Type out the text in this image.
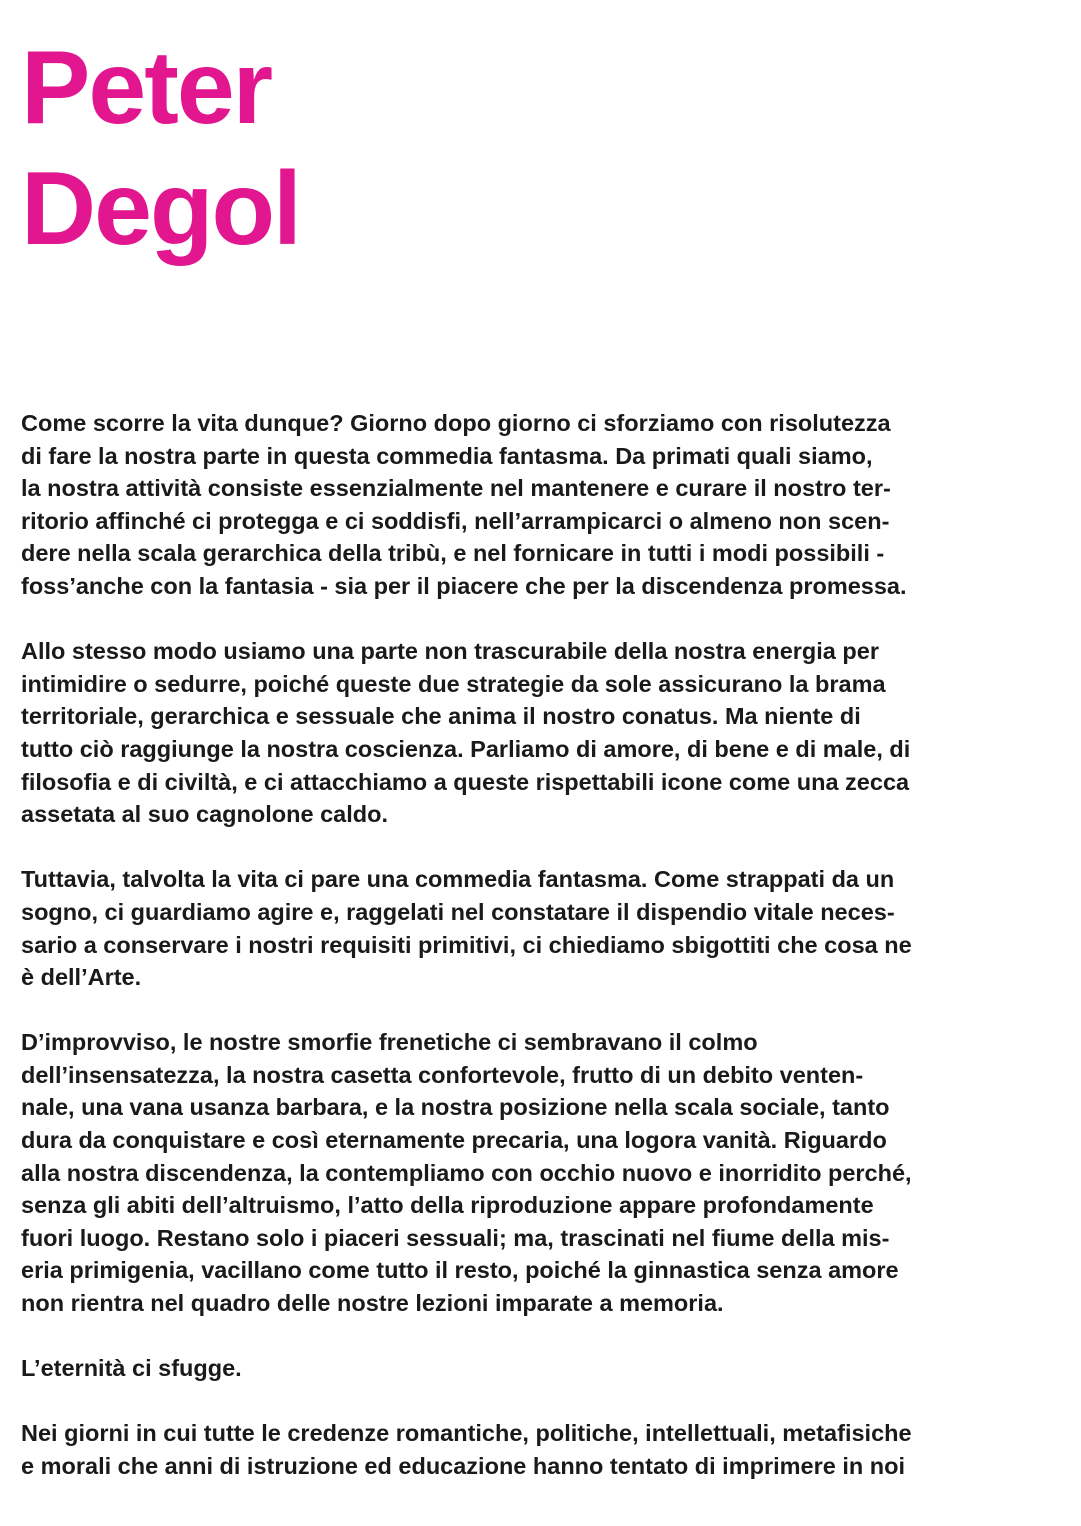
Peter
Degol

Come scorre la vita dunque? Giorno dopo giorno ci sforziamo con risolutezza
di fare la nostra parte in questa commedia fantasma. Da primati quali siamo,
la nostra attività consiste essenzialmente nel mantenere e curare il nostro ter-
ritorio affinché ci protegga e ci soddisfi, nell’arrampicarci o almeno non scen-
dere nella scala gerarchica della tribù, e nel fornicare in tutti i modi possibili -
foss’anche con la fantasia - sia per il piacere che per la discendenza promessa.

Allo stesso modo usiamo una parte non trascurabile della nostra energia per
intimidire o sedurre, poiché queste due strategie da sole assicurano la brama
territoriale, gerarchica e sessuale che anima il nostro conatus. Ma niente di
tutto ciò raggiunge la nostra coscienza. Parliamo di amore, di bene e di male, di
filosofia e di civiltà, e ci attacchiamo a queste rispettabili icone come una zecca
assetata al suo cagnolone caldo.

Tuttavia, talvolta la vita ci pare una commedia fantasma. Come strappati da un
sogno, ci guardiamo agire e, raggelati nel constatare il dispendio vitale neces-
sario a conservare i nostri requisiti primitivi, ci chiediamo sbigottiti che cosa ne
è dell’Arte.

D’improvviso, le nostre smorfie frenetiche ci sembravano il colmo
dell’insensatezza, la nostra casetta confortevole, frutto di un debito venten-
nale, una vana usanza barbara, e la nostra posizione nella scala sociale, tanto
dura da conquistare e così eternamente precaria, una logora vanità. Riguardo
alla nostra discendenza, la contempliamo con occhio nuovo e inorridito perché,
senza gli abiti dell’altruismo, l’atto della riproduzione appare profondamente
fuori luogo. Restano solo i piaceri sessuali; ma, trascinati nel fiume della mis-
eria primigenia, vacillano come tutto il resto, poiché la ginnastica senza amore
non rientra nel quadro delle nostre lezioni imparate a memoria.

L’eternità ci sfugge.

Nei giorni in cui tutte le credenze romantiche, politiche, intellettuali, metafisiche
e morali che anni di istruzione ed educazione hanno tentato di imprimere in noi
